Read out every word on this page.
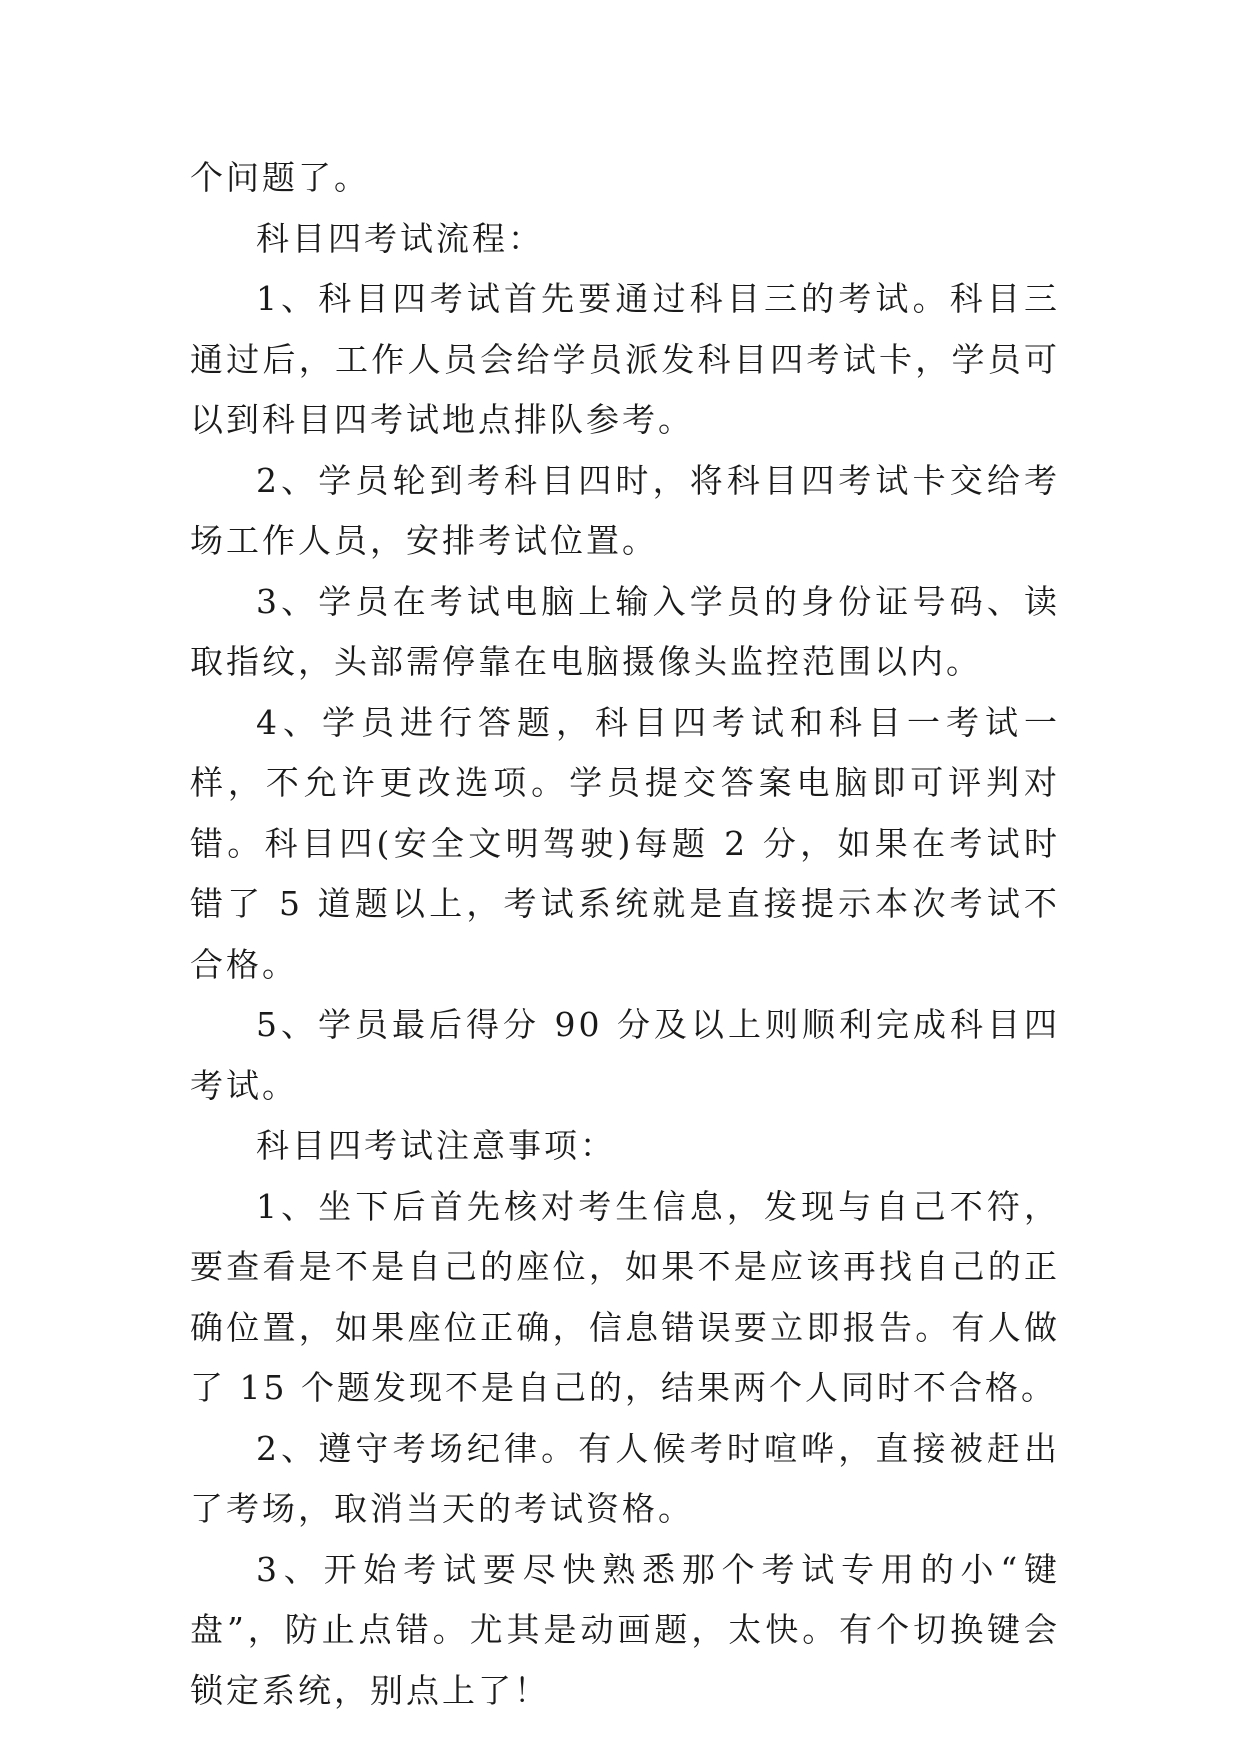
个问题了。

科目四考试流程：

1、科目四考试首先要通过科目三的考试。科目三通过后，工作人员会给学员派发科目四考试卡，学员可以到科目四考试地点排队参考。

2、学员轮到考科目四时，将科目四考试卡交给考场工作人员，安排考试位置。

3、学员在考试电脑上输入学员的身份证号码、读取指纹，头部需停靠在电脑摄像头监控范围以内。

4、学员进行答题，科目四考试和科目一考试一样，不允许更改选项。学员提交答案电脑即可评判对错。科目四(安全文明驾驶)每题 2 分，如果在考试时错了 5 道题以上，考试系统就是直接提示本次考试不合格。

5、学员最后得分 90 分及以上则顺利完成科目四考试。

科目四考试注意事项：

1、坐下后首先核对考生信息，发现与自己不符，要查看是不是自己的座位，如果不是应该再找自己的正确位置，如果座位正确，信息错误要立即报告。有人做了 15 个题发现不是自己的，结果两个人同时不合格。

2、遵守考场纪律。有人候考时喧哗，直接被赶出了考场，取消当天的考试资格。

3、开始考试要尽快熟悉那个考试专用的小“键盘”，防止点错。尤其是动画题，太快。有个切换键会锁定系统，别点上了！
